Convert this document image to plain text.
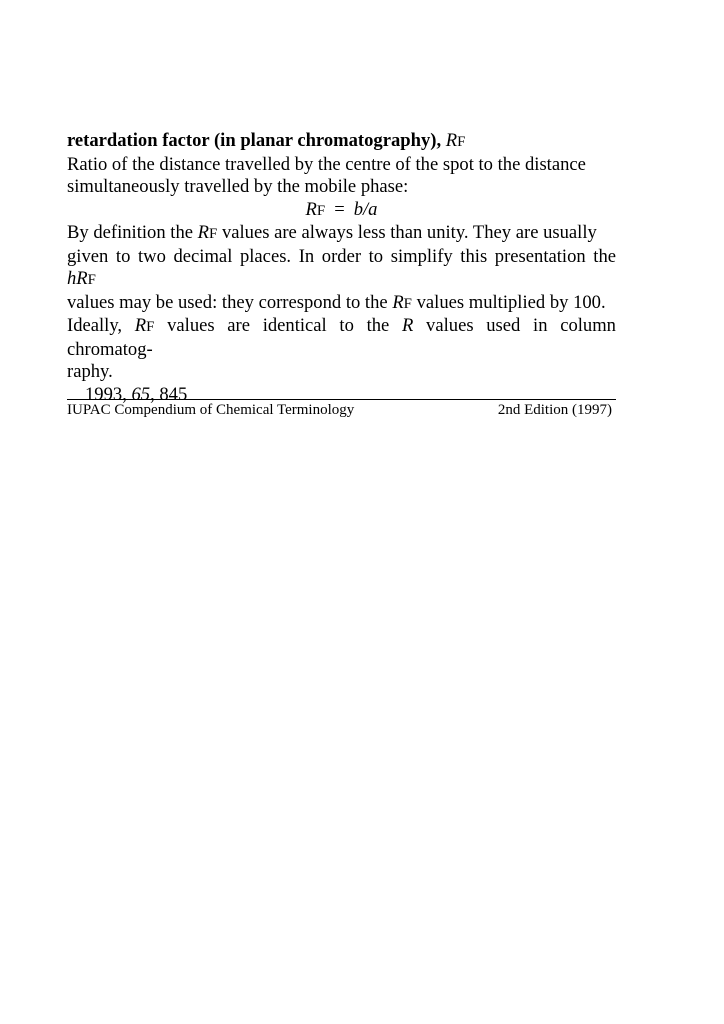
retardation factor (in planar chromatography), RF
Ratio of the distance travelled by the centre of the spot to the distance
simultaneously travelled by the mobile phase:
RF = b/a
By definition the RF values are always less than unity. They are usually
given to two decimal places. In order to simplify this presentation the hRF
values may be used: they correspond to the RF values multiplied by 100.
Ideally, RF values are identical to the R values used in column chromatog-
raphy.
1993, 65, 845
IUPAC Compendium of Chemical Terminology	2nd Edition (1997)
